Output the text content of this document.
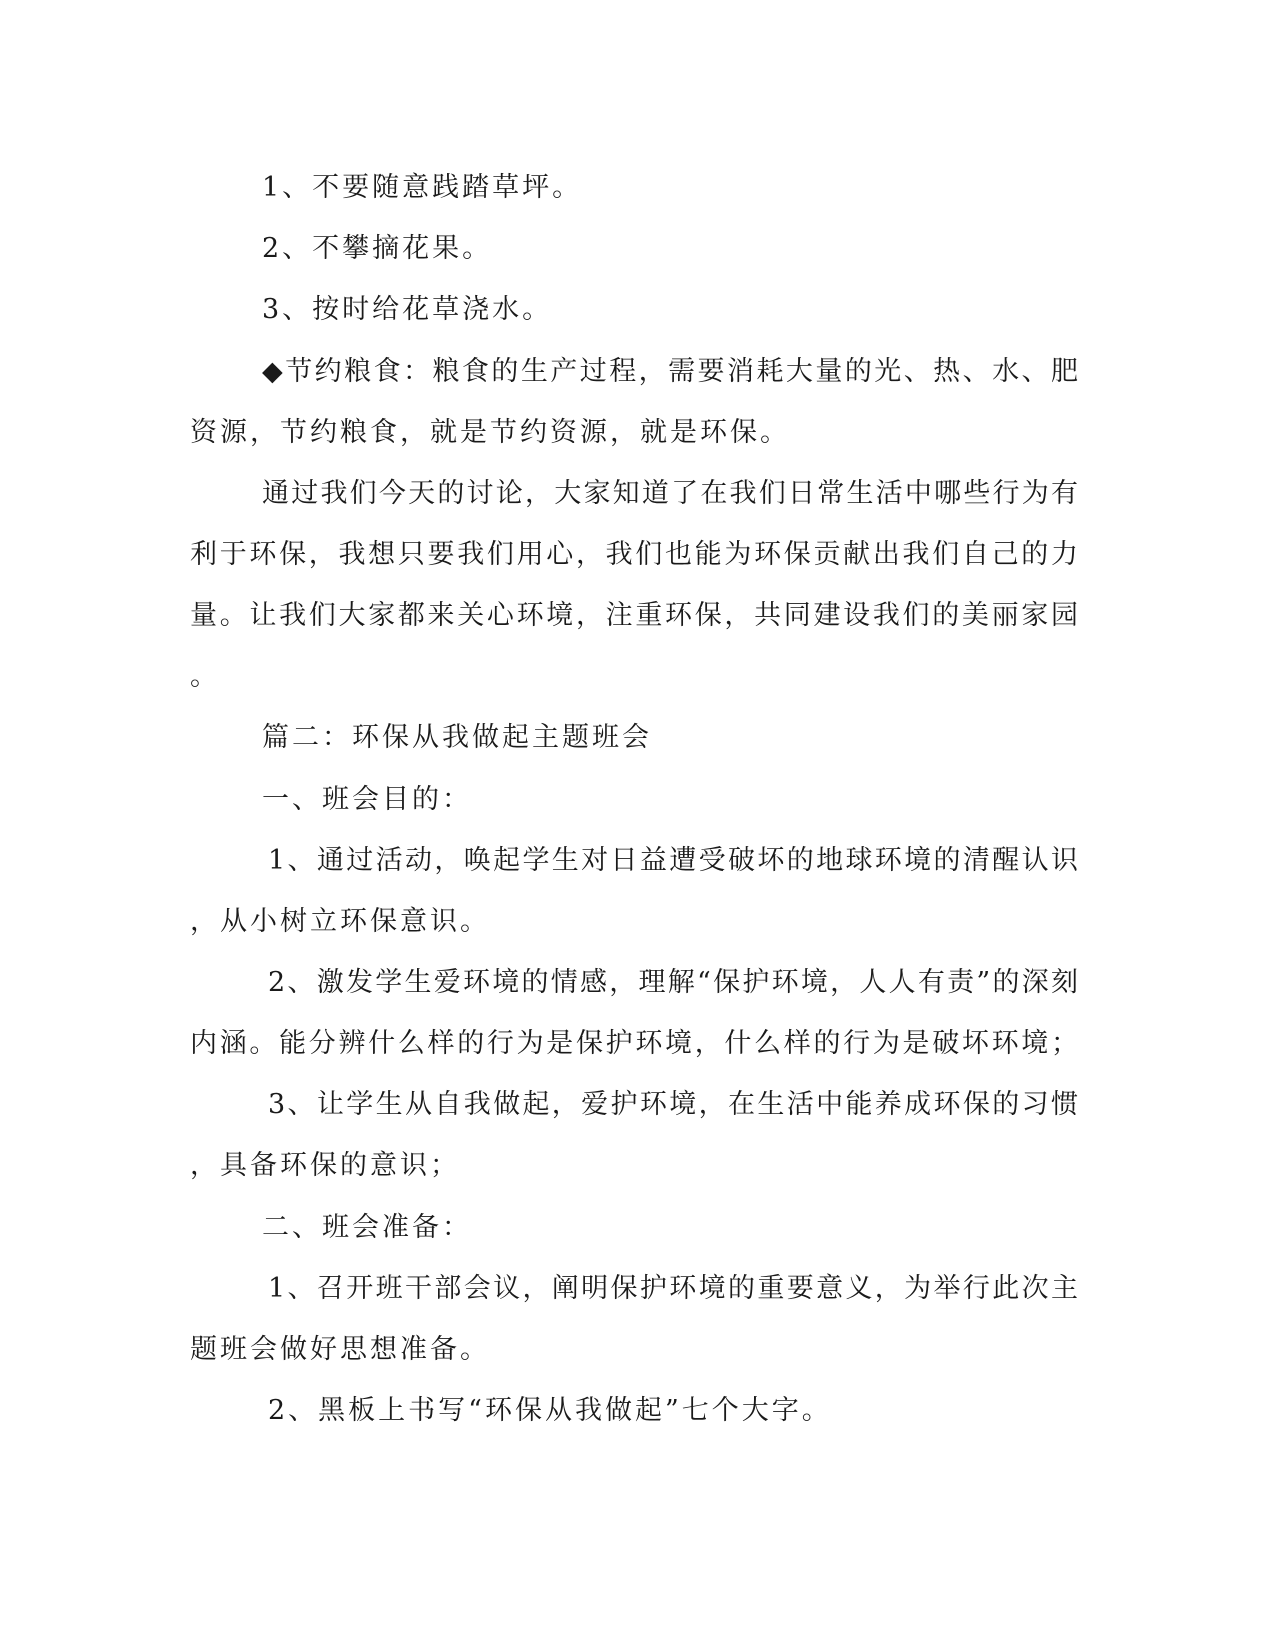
1、不要随意践踏草坪。
2、不攀摘花果。
3、按时给花草浇水。
◆节约粮食：粮食的生产过程，需要消耗大量的光、热、水、肥
资源，节约粮食，就是节约资源，就是环保。
通过我们今天的讨论，大家知道了在我们日常生活中哪些行为有
利于环保，我想只要我们用心，我们也能为环保贡献出我们自己的力
量。让我们大家都来关心环境，注重环保，共同建设我们的美丽家园
。
篇二：环保从我做起主题班会
一、班会目的：
1、通过活动，唤起学生对日益遭受破坏的地球环境的清醒认识
，从小树立环保意识。
2、激发学生爱环境的情感，理解“保护环境，人人有责”的深刻
内涵。能分辨什么样的行为是保护环境，什么样的行为是破坏环境；
3、让学生从自我做起，爱护环境，在生活中能养成环保的习惯
，具备环保的意识；
二、班会准备：
1、召开班干部会议，阐明保护环境的重要意义，为举行此次主
题班会做好思想准备。
2、黑板上书写“环保从我做起”七个大字。
